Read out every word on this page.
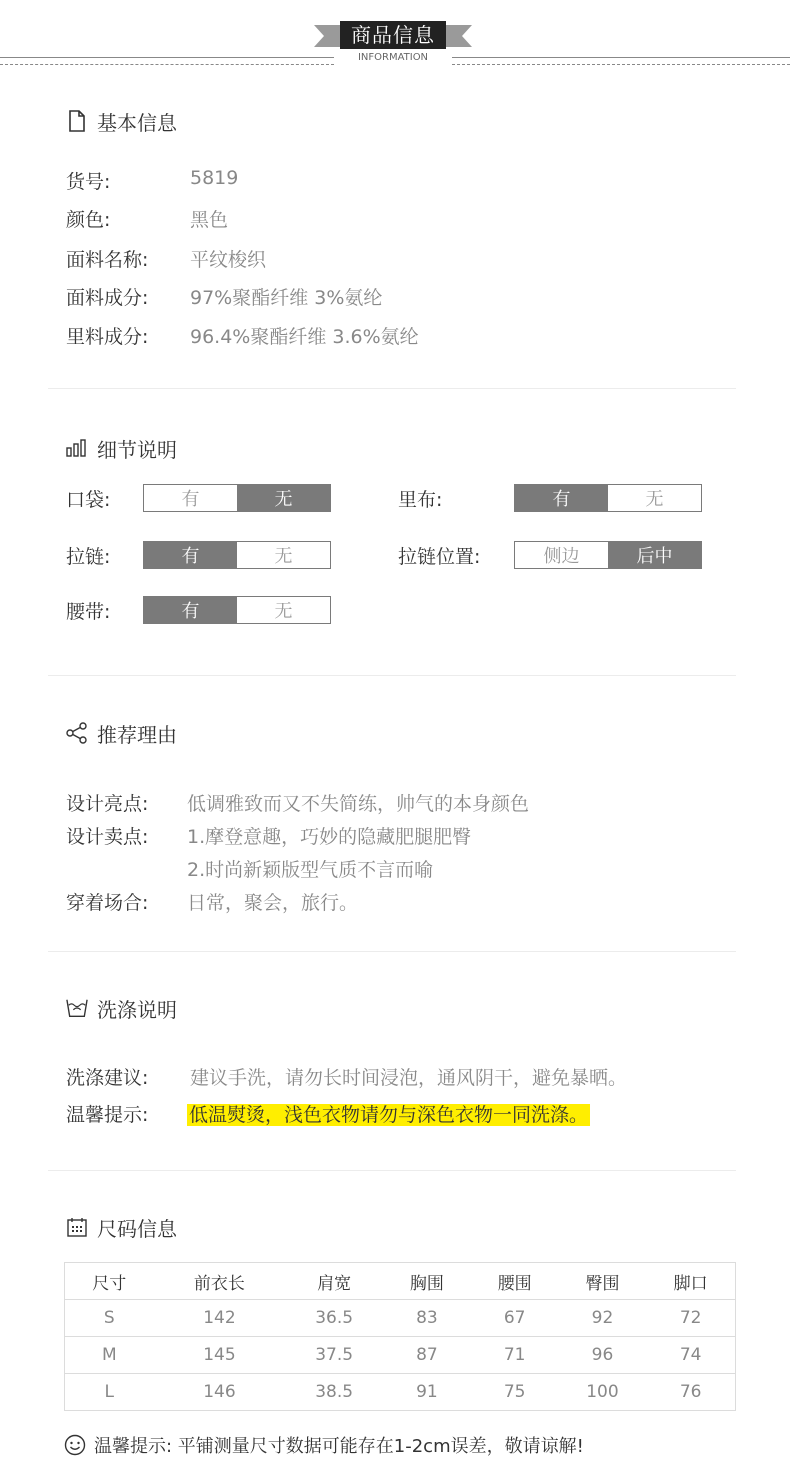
商品信息
INFORMATION
基本信息
货号:	5819
颜色:	黑色
面料名称: 平纹梭织
面料成分: 97%聚酯纤维 3%氨纶
里料成分: 96.4%聚酯纤维 3.6%氨纶
细节说明
口袋:	有	无	里布:	有	无
拉链:	有	无	拉链位置:	侧边	后中
腰带:	有	无
推荐理由
设计亮点: 低调雅致而又不失简练，帅气的本身颜色
设计卖点: 1.摩登意趣，巧妙的隐藏肥腿肥臀
2.时尚新颖版型气质不言而喻
穿着场合: 日常，聚会，旅行。
洗涤说明
洗涤建议: 建议手洗，请勿长时间浸泡，通风阴干，避免暴晒。
温馨提示: 低温熨烫，浅色衣物请勿与深色衣物一同洗涤。
尺码信息
尺寸	前衣长	肩宽	胸围	腰围	臀围	脚口
S	142	36.5	83	67	92	72
M	145	37.5	87	71	96	74
L	146	38.5	91	75	100	76
温馨提示: 平铺测量尺寸数据可能存在1-2cm误差，敬请谅解!
